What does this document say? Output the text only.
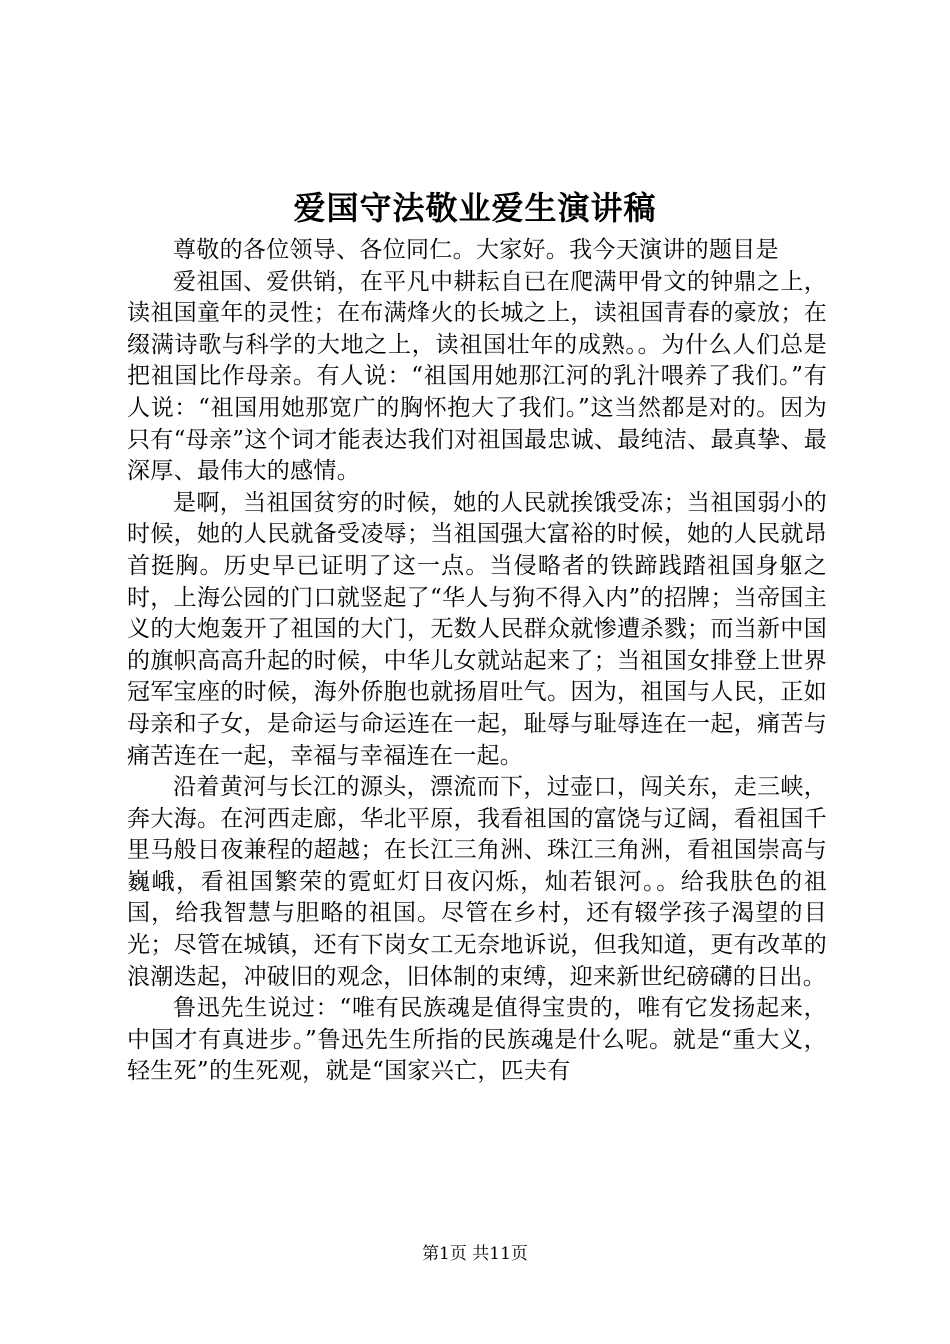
爱国守法敬业爱生演讲稿

尊敬的各位领导、各位同仁。大家好。我今天演讲的题目是

爱祖国、爱供销，在平凡中耕耘自已在爬满甲骨文的钟鼎之上，读祖国童年的灵性；在布满烽火的长城之上，读祖国青春的豪放；在缀满诗歌与科学的大地之上，读祖国壮年的成熟。。为什么人们总是把祖国比作母亲。有人说：“祖国用她那江河的乳汁喂养了我们。”有人说：“祖国用她那宽广的胸怀抱大了我们。”这当然都是对的。因为只有“母亲”这个词才能表达我们对祖国最忠诚、最纯洁、最真挚、最深厚、最伟大的感情。

是啊，当祖国贫穷的时候，她的人民就挨饿受冻；当祖国弱小的时候，她的人民就备受凌辱；当祖国强大富裕的时候，她的人民就昂首挺胸。历史早已证明了这一点。当侵略者的铁蹄践踏祖国身躯之时，上海公园的门口就竖起了“华人与狗不得入内”的招牌；当帝国主义的大炮轰开了祖国的大门，无数人民群众就惨遭杀戮；而当新中国的旗帜高高升起的时候，中华儿女就站起来了；当祖国女排登上世界冠军宝座的时候，海外侨胞也就扬眉吐气。因为，祖国与人民，正如母亲和子女，是命运与命运连在一起，耻辱与耻辱连在一起，痛苦与痛苦连在一起，幸福与幸福连在一起。

沿着黄河与长江的源头，漂流而下，过壶口，闯关东，走三峡，奔大海。在河西走廊，华北平原，我看祖国的富饶与辽阔，看祖国千里马般日夜兼程的超越；在长江三角洲、珠江三角洲，看祖国崇高与巍峨，看祖国繁荣的霓虹灯日夜闪烁，灿若银河。。给我肤色的祖国，给我智慧与胆略的祖国。尽管在乡村，还有辍学孩子渴望的目光；尽管在城镇，还有下岗女工无奈地诉说，但我知道，更有改革的浪潮迭起，冲破旧的观念，旧体制的束缚，迎来新世纪磅礴的日出。

鲁迅先生说过：“唯有民族魂是值得宝贵的，唯有它发扬起来，中国才有真进步。”鲁迅先生所指的民族魂是什么呢。就是“重大义，轻生死”的生死观，就是“国家兴亡，匹夫有

第1页 共11页
